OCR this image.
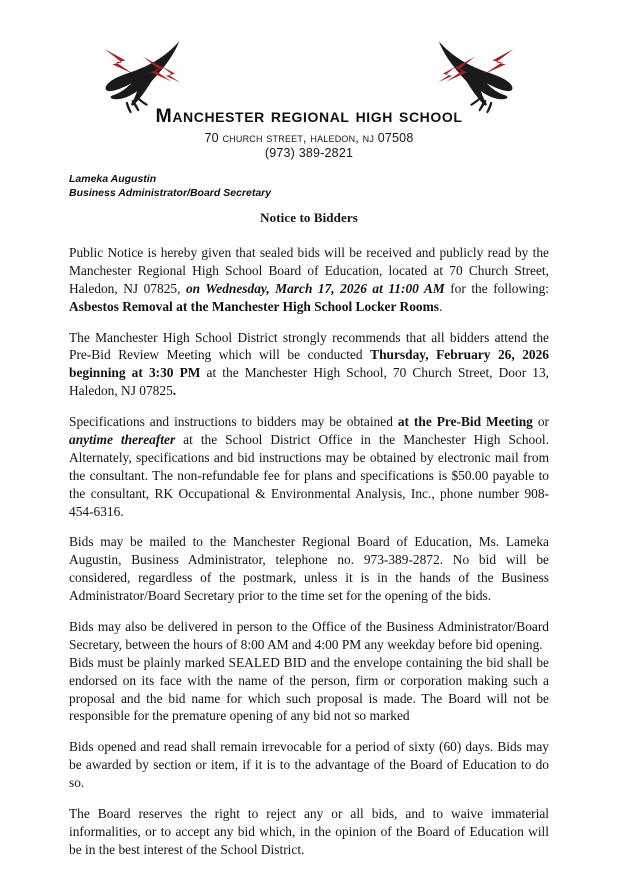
Manchester regional high school
70 church street, haledon, nj 07508
(973) 389-2821
Lameka Augustin
Business Administrator/Board Secretary
Notice to Bidders

Public Notice is hereby given that sealed bids will be received and publicly read by the Manchester Regional High School Board of Education, located at 70 Church Street, Haledon, NJ 07825, on Wednesday, March 17, 2026 at 11:00 AM for the following: Asbestos Removal at the Manchester High School Locker Rooms.

The Manchester High School District strongly recommends that all bidders attend the Pre-Bid Review Meeting which will be conducted Thursday, February 26, 2026 beginning at 3:30 PM at the Manchester High School, 70 Church Street, Door 13, Haledon, NJ 07825.

Specifications and instructions to bidders may be obtained at the Pre-Bid Meeting or anytime thereafter at the School District Office in the Manchester High School. Alternately, specifications and bid instructions may be obtained by electronic mail from the consultant. The non-refundable fee for plans and specifications is $50.00 payable to the consultant, RK Occupational & Environmental Analysis, Inc., phone number 908-454-6316.

Bids may be mailed to the Manchester Regional Board of Education, Ms. Lameka Augustin, Business Administrator, telephone no. 973-389-2872. No bid will be considered, regardless of the postmark, unless it is in the hands of the Business Administrator/Board Secretary prior to the time set for the opening of the bids.

Bids may also be delivered in person to the Office of the Business Administrator/Board Secretary, between the hours of 8:00 AM and 4:00 PM any weekday before bid opening.

Bids must be plainly marked SEALED BID and the envelope containing the bid shall be endorsed on its face with the name of the person, firm or corporation making such a proposal and the bid name for which such proposal is made. The Board will not be responsible for the premature opening of any bid not so marked

Bids opened and read shall remain irrevocable for a period of sixty (60) days. Bids may be awarded by section or item, if it is to the advantage of the Board of Education to do so.

The Board reserves the right to reject any or all bids, and to waive immaterial informalities, or to accept any bid which, in the opinion of the Board of Education will be in the best interest of the School District.
